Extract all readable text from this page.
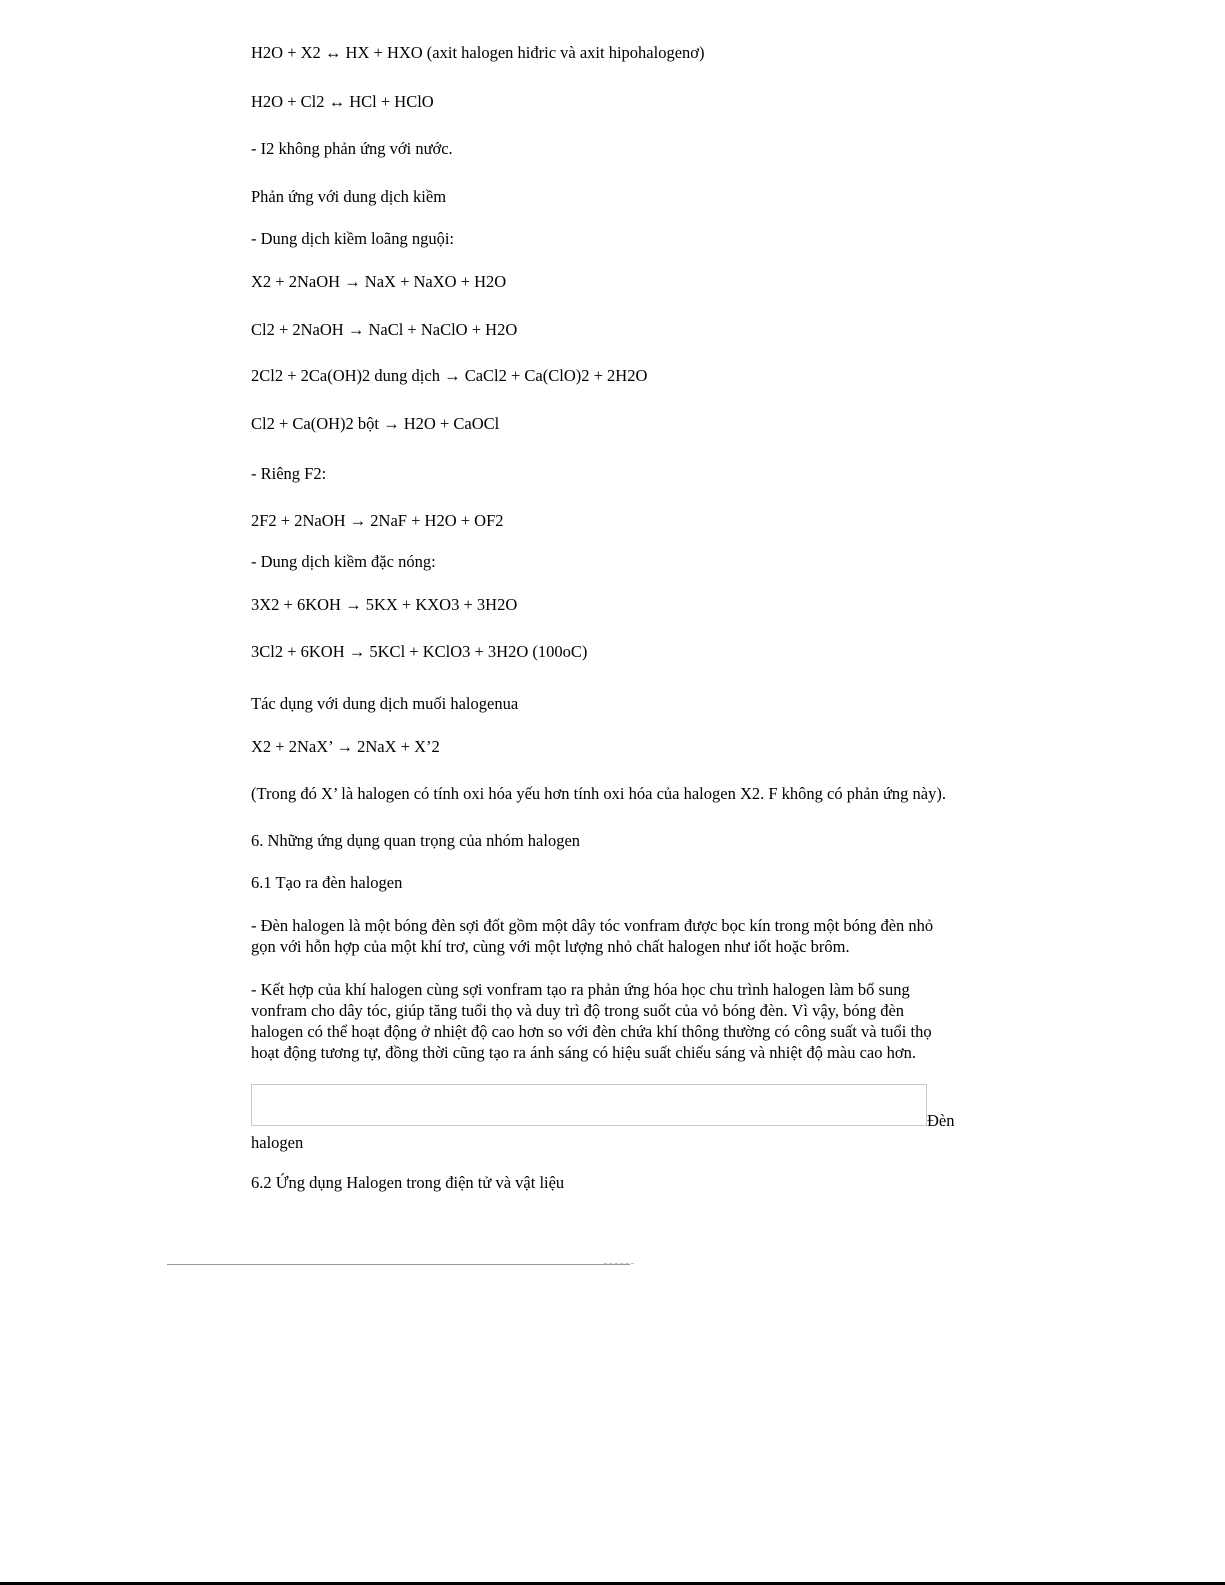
H2O + X2 ↔ HX + HXO (axit halogen hiđric và axit hipohalogenơ)
H2O + Cl2 ↔ HCl + HClO
- I2 không phản ứng với nước.
Phản ứng với dung dịch kiềm
- Dung dịch kiềm loãng nguội:
X2 + 2NaOH → NaX + NaXO + H2O
Cl2 + 2NaOH → NaCl + NaClO + H2O
2Cl2 + 2Ca(OH)2 dung dịch → CaCl2 + Ca(ClO)2 + 2H2O
Cl2 + Ca(OH)2 bột → H2O + CaOCl
- Riêng F2:
2F2 + 2NaOH → 2NaF + H2O + OF2
- Dung dịch kiềm đặc nóng:
3X2 + 6KOH → 5KX + KXO3 + 3H2O
3Cl2 + 6KOH → 5KCl + KClO3 + 3H2O (100oC)
Tác dụng với dung dịch muối halogenua
X2 + 2NaX’ → 2NaX + X’2
(Trong đó X’ là halogen có tính oxi hóa yếu hơn tính oxi hóa của halogen X2. F không có phản ứng này).
6. Những ứng dụng quan trọng của nhóm halogen
6.1 Tạo ra đèn halogen

- Đèn halogen là một bóng đèn sợi đốt gồm một dây tóc vonfram được bọc kín trong một bóng đèn nhỏ

gọn với hỗn hợp của một khí trơ, cùng với một lượng nhỏ chất halogen như iốt hoặc brôm.

- Kết hợp của khí halogen cùng sợi vonfram tạo ra phản ứng hóa học chu trình halogen làm bổ sung

vonfram cho dây tóc, giúp tăng tuổi thọ và duy trì độ trong suốt của vỏ bóng đèn. Vì vậy, bóng đèn

halogen có thể hoạt động ở nhiệt độ cao hơn so với đèn chứa khí thông thường có công suất và tuổi thọ

hoạt động tương tự, đồng thời cũng tạo ra ánh sáng có hiệu suất chiếu sáng và nhiệt độ màu cao hơn.

Đèn
halogen
6.2 Ứng dụng Halogen trong điện tử và vật liệu
